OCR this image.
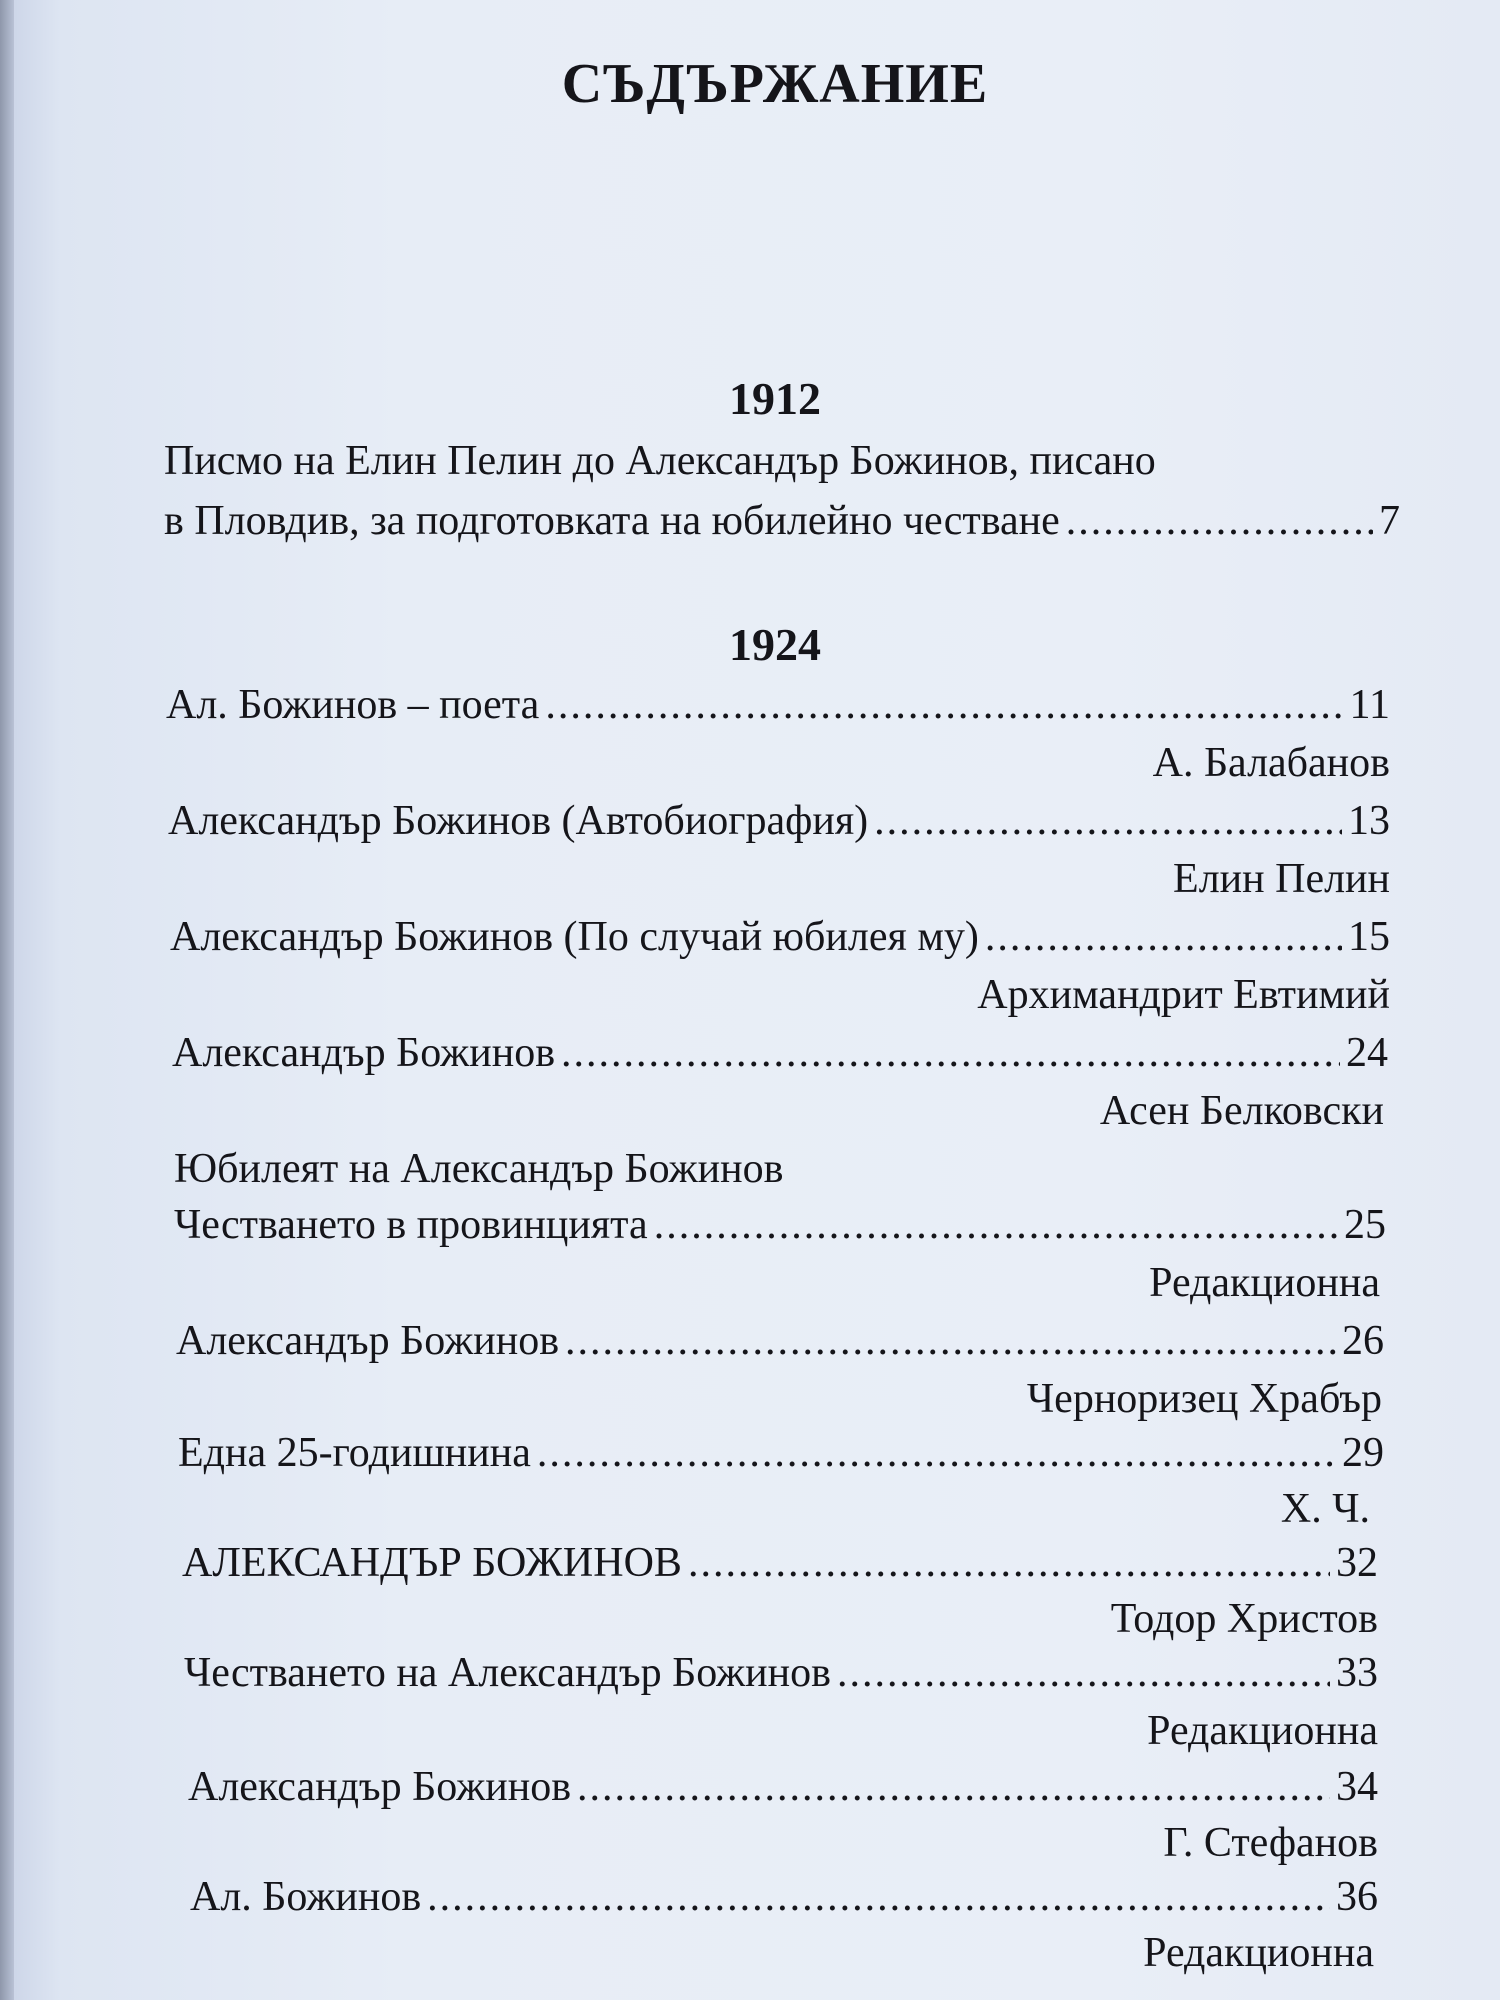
СЪДЪРЖАНИЕ
1912
Писмо на Елин Пелин до Александър Божинов, писано
в Пловдив, за подготовката на юбилейно честване .....	7
1924
Ал. Божинов – поета .....	11
А. Балабанов
Александър Божинов (Автобиография) .....	13
Елин Пелин
Александър Божинов (По случай юбилея му) .....	15
Архимандрит Евтимий
Александър Божинов .....	24
Асен Белковски
Юбилеят на Александър Божинов
Честването в провинцията .....	25
Редакционна
Александър Божинов .....	26
Черноризец Храбър
Една 25-годишнина .....	29
Х. Ч.
АЛЕКСАНДЪР БОЖИНОВ .....	32
Тодор Христов
Честването на Александър Божинов .....	33
Редакционна
Александър Божинов .....	34
Г. Стефанов
Ал. Божинов .....	36
Редакционна
